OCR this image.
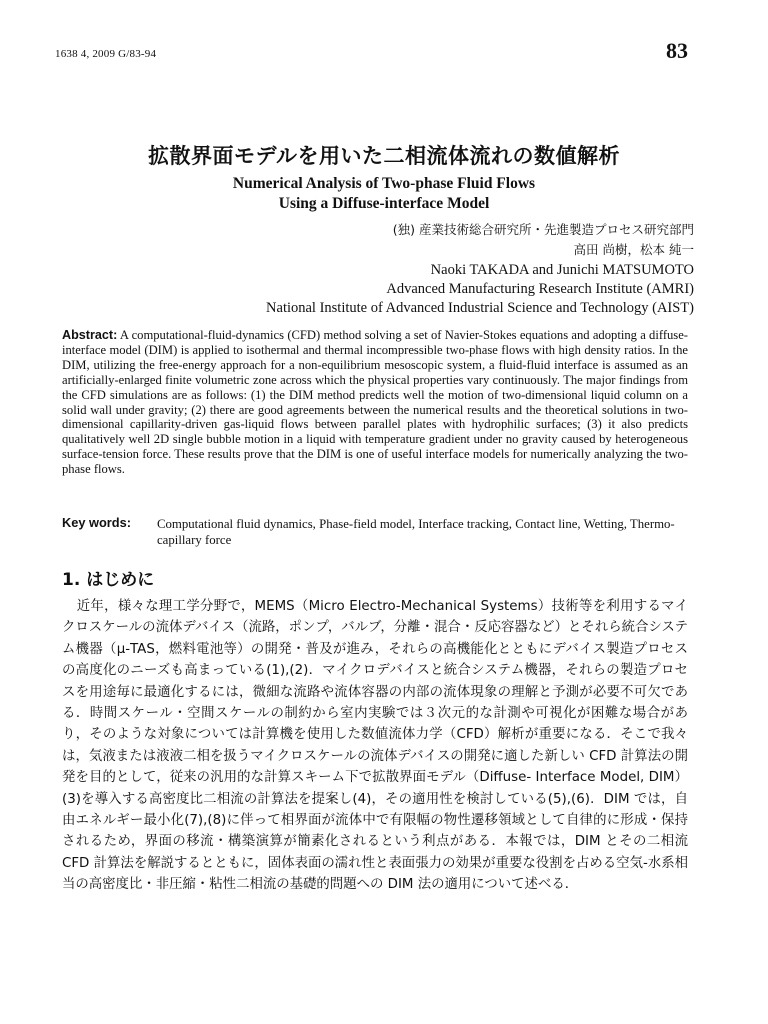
1638 4, 2009 G/83-94	83
拡散界面モデルを用いた二相流体流れの数値解析
Numerical Analysis of Two-phase Fluid Flows
Using a Diffuse-interface Model
(独) 産業技術総合研究所・先進製造プロセス研究部門
高田 尚樹，松本 純一
Naoki TAKADA and Junichi MATSUMOTO
Advanced Manufacturing Research Institute (AMRI)
National Institute of Advanced Industrial Science and Technology (AIST)
Abstract: A computational-fluid-dynamics (CFD) method solving a set of Navier-Stokes equations and adopting a diffuse-interface model (DIM) is applied to isothermal and thermal incompressible two-phase flows with high density ratios. In the DIM, utilizing the free-energy approach for a non-equilibrium mesoscopic system, a fluid-fluid interface is assumed as an artificially-enlarged finite volumetric zone across which the physical properties vary continuously. The major findings from the CFD simulations are as follows: (1) the DIM method predicts well the motion of two-dimensional liquid column on a solid wall under gravity; (2) there are good agreements between the numerical results and the theoretical solutions in two-dimensional capillarity-driven gas-liquid flows between parallel plates with hydrophilic surfaces; (3) it also predicts qualitatively well 2D single bubble motion in a liquid with temperature gradient under no gravity caused by heterogeneous surface-tension force. These results prove that the DIM is one of useful interface models for numerically analyzing the two-phase flows.
Key words: Computational fluid dynamics, Phase-field model, Interface tracking, Contact line, Wetting, Thermo-capillary force
1. はじめに
近年，様々な理工学分野で，MEMS（Micro Electro-Mechanical Systems）技術等を利用するマイクロスケールの流体デバイス（流路，ポンプ，バルブ，分離・混合・反応容器など）とそれら統合システム機器（μ-TAS，燃料電池等）の開発・普及が進み，それらの高機能化とともにデバイス製造プロセスの高度化のニーズも高まっている(1),(2)．マイクロデバイスと統合システム機器，それらの製造プロセスを用途毎に最適化するには，微細な流路や流体容器の内部の流体現象の理解と予測が必要不可欠である．時間スケール・空間スケールの制約から室内実験では３次元的な計測や可視化が困難な場合があり，そのような対象については計算機を使用した数値流体力学（CFD）解析が重要になる．そこで我々は，気液または液液二相を扱うマイクロスケールの流体デバイスの開発に適した新しい CFD 計算法の開発を目的として，従来の汎用的な計算スキーム下で拡散界面モデル（Diffuse- Interface Model, DIM）(3)を導入する高密度比二相流の計算法を提案し(4)，その適用性を検討している(5),(6)．DIM では，自由エネルギー最小化(7),(8)に伴って相界面が流体中で有限幅の物性遷移領域として自律的に形成・保持されるため，界面の移流・構築演算が簡素化されるという利点がある．本報では，DIM とその二相流 CFD 計算法を解説するとともに，固体表面の濡れ性と表面張力の効果が重要な役割を占める空気-水系相当の高密度比・非圧縮・粘性二相流の基礎的問題への DIM 法の適用について述べる．
